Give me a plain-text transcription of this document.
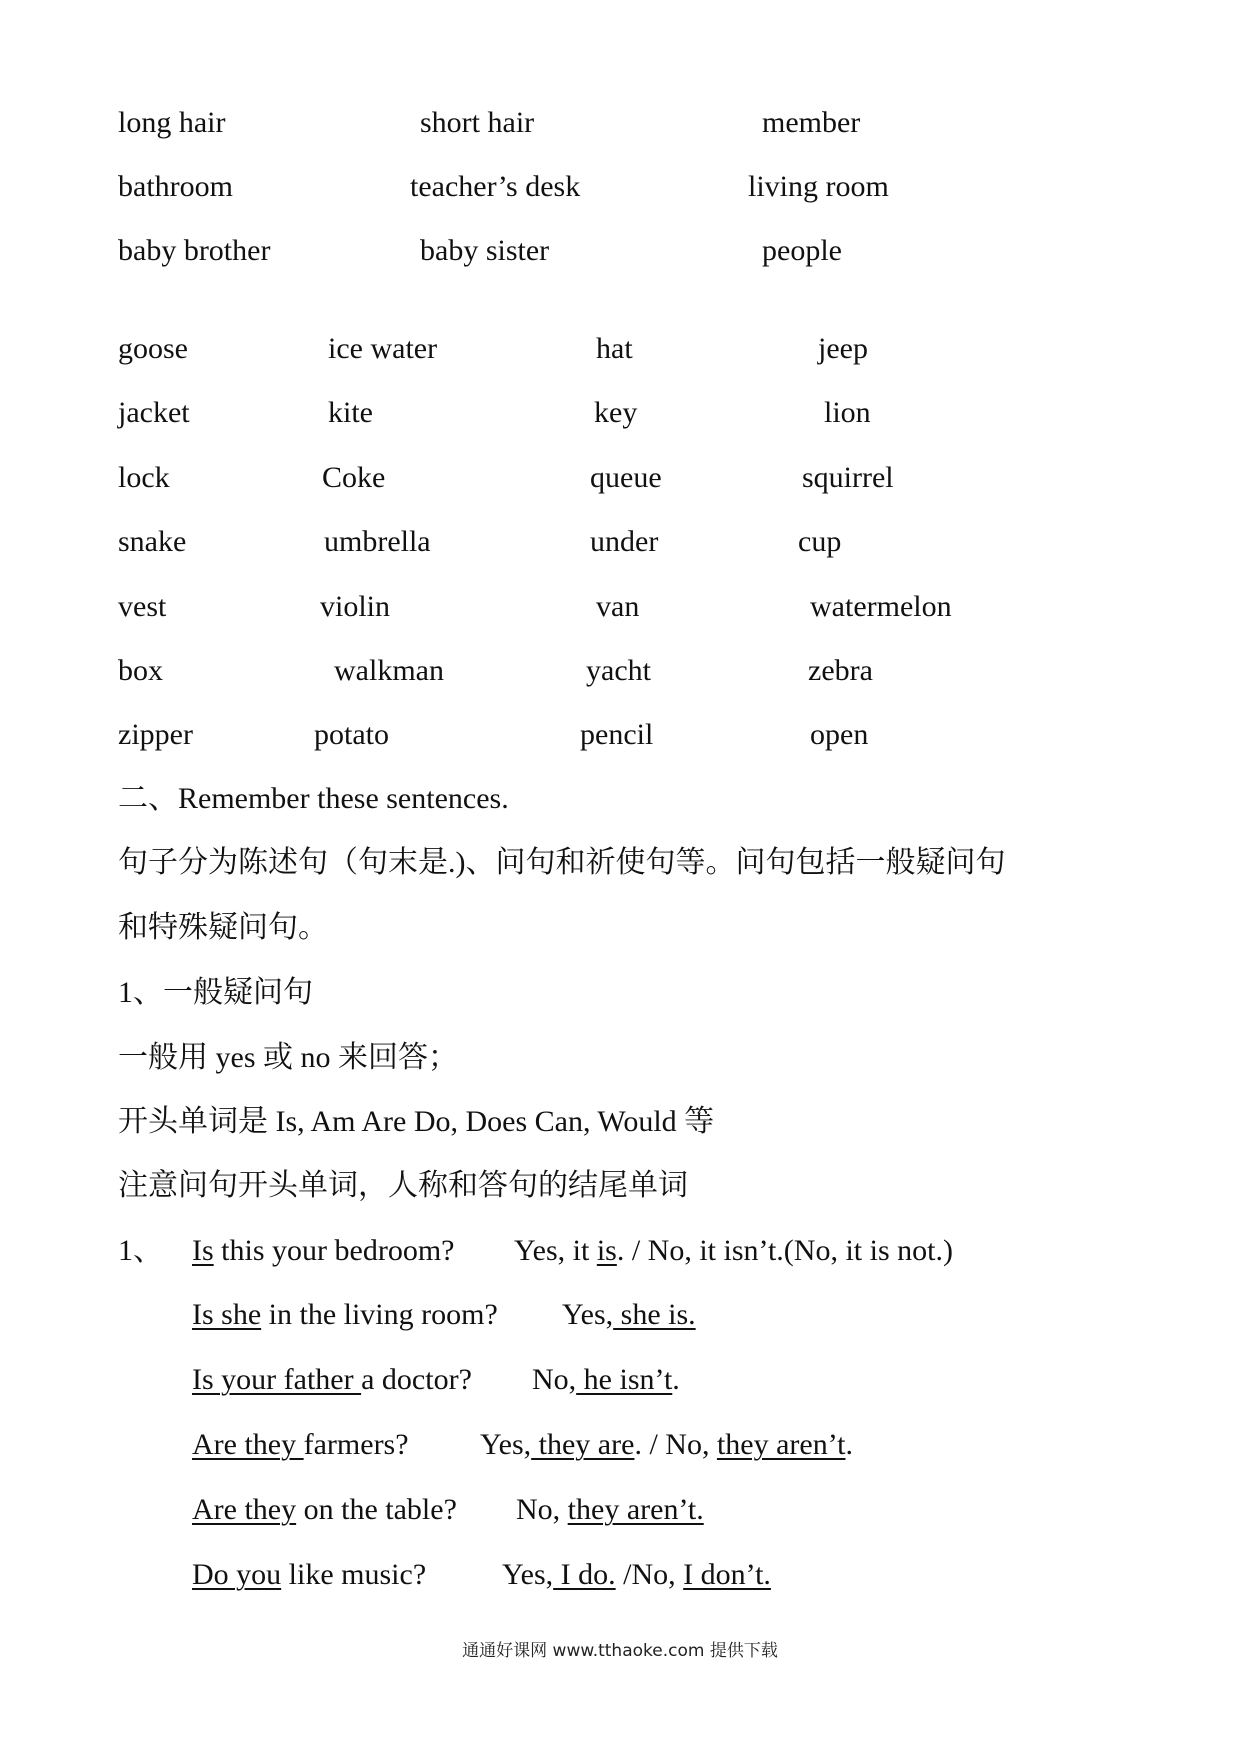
long hair	short hair	member
bathroom	teacher’s desk	living room
baby brother	baby sister	people
goose	ice water	hat	jeep
jacket	kite	key	lion
lock	Coke	queue	squirrel
snake	umbrella	under	cup
vest	violin	van	watermelon
box	walkman	yacht	zebra
zipper	potato	pencil	open
二、Remember these sentences.
句子分为陈述句（句末是.)、问句和祈使句等。问句包括一般疑问句
和特殊疑问句。
1、一般疑问句
一般用 yes 或 no 来回答；
开头单词是 Is, Am Are Do, Does Can, Would 等
注意问句开头单词，人称和答句的结尾单词
1、 Is this your bedroom? Yes, it is. / No, it isn’t.(No, it is not.)
Is she in the living room? Yes, she is.
Is your father a doctor? No, he isn’t.
Are they farmers? Yes, they are. / No, they aren’t.
Are they on the table? No, they aren’t.
Do you like music?	Yes, I do. /No, I don’t.
通通好课网 www.tthaoke.com 提供下载
